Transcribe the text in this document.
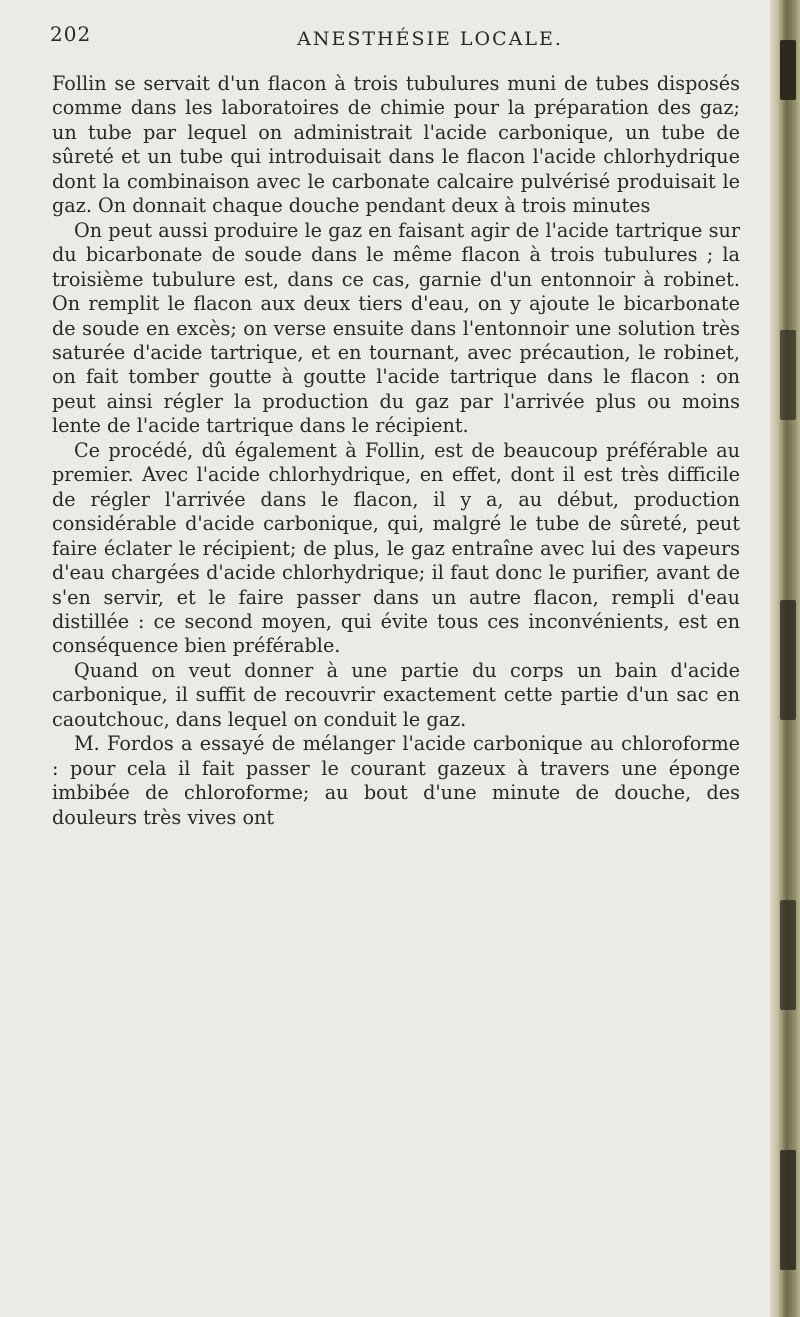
202	ANESTHÉSIE LOCALE.

Follin se servait d'un flacon à trois tubulures muni de tubes disposés comme dans les laboratoires de chimie pour la préparation des gaz; un tube par lequel on administrait l'acide carbonique, un tube de sûreté et un tube qui introduisait dans le flacon l'acide chlorhydrique dont la combinaison avec le carbonate calcaire pulvérisé produisait le gaz. On donnait chaque douche pendant deux à trois minutes

On peut aussi produire le gaz en faisant agir de l'acide tartrique sur du bicarbonate de soude dans le même flacon à trois tubulures ; la troisième tubulure est, dans ce cas, garnie d'un entonnoir à robinet. On remplit le flacon aux deux tiers d'eau, on y ajoute le bicarbonate de soude en excès; on verse ensuite dans l'entonnoir une solution très saturée d'acide tartrique, et en tournant, avec précaution, le robinet, on fait tomber goutte à goutte l'acide tartrique dans le flacon : on peut ainsi régler la production du gaz par l'arrivée plus ou moins lente de l'acide tartrique dans le récipient.

Ce procédé, dû également à Follin, est de beaucoup préférable au premier. Avec l'acide chlorhydrique, en effet, dont il est très difficile de régler l'arrivée dans le flacon, il y a, au début, production considérable d'acide carbonique, qui, malgré le tube de sûreté, peut faire éclater le récipient; de plus, le gaz entraîne avec lui des vapeurs d'eau chargées d'acide chlorhydrique; il faut donc le purifier, avant de s'en servir, et le faire passer dans un autre flacon, rempli d'eau distillée : ce second moyen, qui évite tous ces inconvénients, est en conséquence bien préférable.

Quand on veut donner à une partie du corps un bain d'acide carbonique, il suffit de recouvrir exactement cette partie d'un sac en caoutchouc, dans lequel on conduit le gaz.

M. Fordos a essayé de mélanger l'acide carbonique au chloroforme : pour cela il fait passer le courant gazeux à travers une éponge imbibée de chloroforme; au bout d'une minute de douche, des douleurs très vives ont
